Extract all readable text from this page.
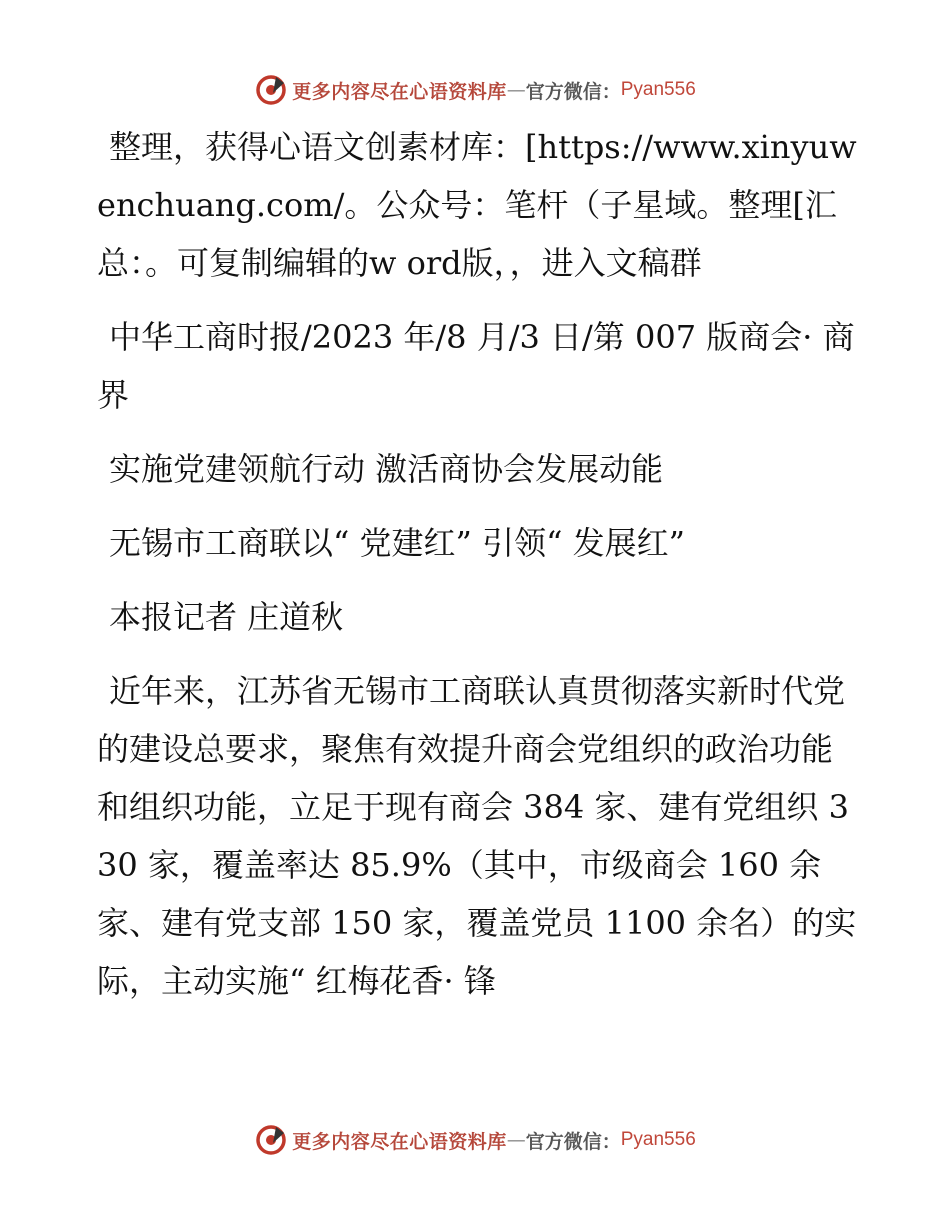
更多内容尽在心语资料库 — 官方微信： Pyan556

整理，获得心语文创素材库：[https://www.xinyuwenchuang.com/。公众号：笔杆（子星域。整理[汇总：。可复制编辑的w ord版，，进入文稿群

中华工商时报/2023 年/8 月/3 日/第 007 版商会· 商界

实施党建领航行动 激活商协会发展动能

无锡市工商联以“ 党建红” 引领“ 发展红”

本报记者 庄道秋

近年来，江苏省无锡市工商联认真贯彻落实新时代党的建设总要求，聚焦有效提升商会党组织的政治功能和组织功能，立足于现有商会 384 家、建有党组织 330 家，覆盖率达 85.9%（其中，市级商会 160 余家、建有党支部 150 家，覆盖党员 1100 余名）的实际，主动实施“ 红梅花香· 锋

更多内容尽在心语资料库 — 官方微信： Pyan556
